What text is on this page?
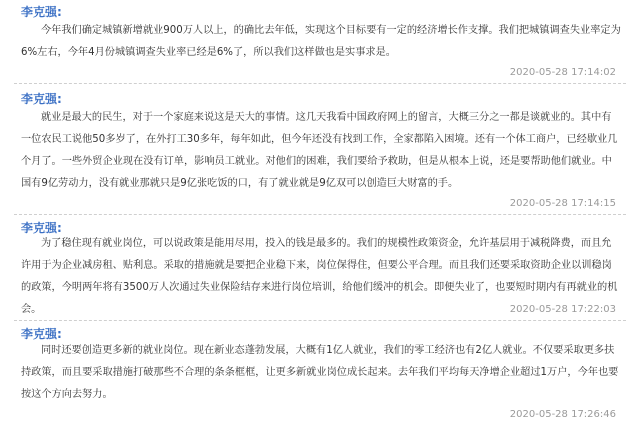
李克强:

今年我们确定城镇新增就业900万人以上，的确比去年低，实现这个目标要有一定的经济增长作支撑。我们把城镇调查失业率定为6%左右，今年4月份城镇调查失业率已经是6%了，所以我们这样做也是实事求是。

2020-05-28 17:14:02
李克强:

就业是最大的民生，对于一个家庭来说这是天大的事情。这几天我看中国政府网上的留言，大概三分之一都是谈就业的。其中有一位农民工说他50多岁了，在外打工30多年，每年如此，但今年还没有找到工作，全家都陷入困境。还有一个体工商户，已经歇业几个月了。一些外贸企业现在没有订单，影响员工就业。对他们的困难，我们要给予救助，但是从根本上说，还是要帮助他们就业。中国有9亿劳动力，没有就业那就只是9亿张吃饭的口，有了就业就是9亿双可以创造巨大财富的手。

2020-05-28 17:14:15
李克强:

为了稳住现有就业岗位，可以说政策是能用尽用，投入的钱是最多的。我们的规模性政策资金，允许基层用于减税降费，而且允许用于为企业减房租、贴利息。采取的措施就是要把企业稳下来，岗位保得住，但要公平合理。而且我们还要采取资助企业以训稳岗的政策，今明两年将有3500万人次通过失业保险结存来进行岗位培训，给他们缓冲的机会。即便失业了，也要短时期内有再就业的机会。	2020-05-28 17:22:03
李克强:

同时还要创造更多新的就业岗位。现在新业态蓬勃发展，大概有1亿人就业，我们的零工经济也有2亿人就业。不仅要采取更多扶持政策，而且要采取措施打破那些不合理的条条框框，让更多新就业岗位成长起来。去年我们平均每天净增企业超过1万户，今年也要按这个方向去努力。

2020-05-28 17:26:46
